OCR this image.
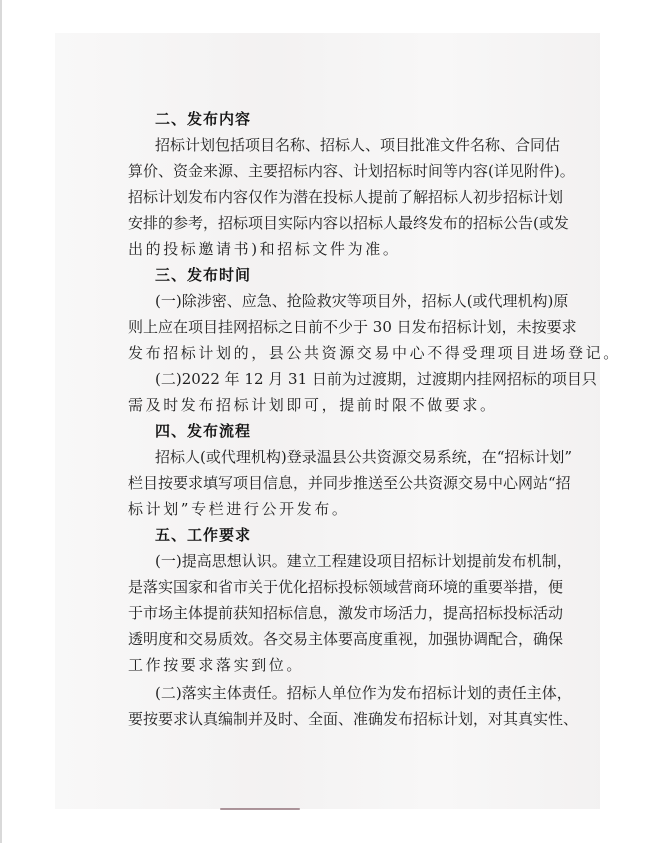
二、发布内容
招标计划包括项目名称、招标人、项目批准文件名称、合同估
算价、资金来源、主要招标内容、计划招标时间等内容(详见附件)。
招标计划发布内容仅作为潜在投标人提前了解招标人初步招标计划
安排的参考，招标项目实际内容以招标人最终发布的招标公告(或发
出的投标邀请书)和招标文件为准。
三、发布时间
(一)除涉密、应急、抢险救灾等项目外，招标人(或代理机构)原
则上应在项目挂网招标之日前不少于 30 日发布招标计划，未按要求
发布招标计划的，县公共资源交易中心不得受理项目进场登记。
(二)2022 年 12 月 31 日前为过渡期，过渡期内挂网招标的项目只
需及时发布招标计划即可，提前时限不做要求。
四、发布流程
招标人(或代理机构)登录温县公共资源交易系统，在“招标计划”
栏目按要求填写项目信息，并同步推送至公共资源交易中心网站“招
标计划”专栏进行公开发布。
五、工作要求
(一)提高思想认识。建立工程建设项目招标计划提前发布机制，
是落实国家和省市关于优化招标投标领域营商环境的重要举措，便
于市场主体提前获知招标信息，激发市场活力，提高招标投标活动
透明度和交易质效。各交易主体要高度重视，加强协调配合，确保
工作按要求落实到位。
(二)落实主体责任。招标人单位作为发布招标计划的责任主体，
要按要求认真编制并及时、全面、准确发布招标计划，对其真实性、
